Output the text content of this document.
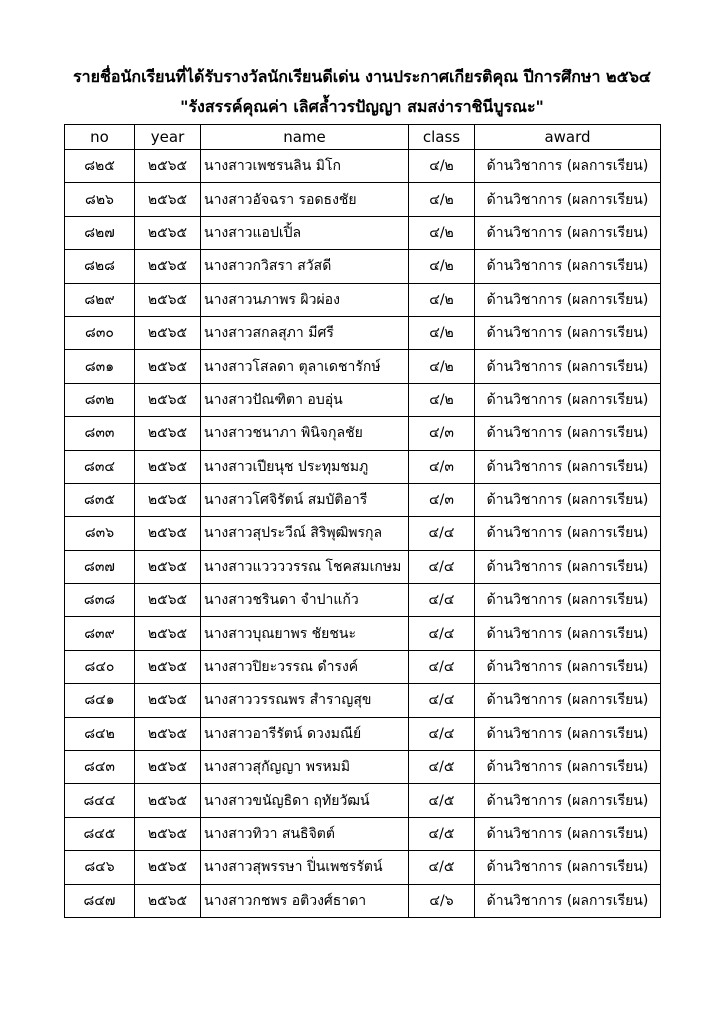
รายชื่อนักเรียนที่ได้รับรางวัลนักเรียนดีเด่น งานประกาศเกียรติคุณ ปีการศึกษา ๒๕๖๔
"รังสรรค์คุณค่า เลิศล้ำวรปัญญา สมสง่าราชินีบูรณะ"
no	year	name	class	award
๘๒๕	๒๕๖๕	นางสาวเพชรนลิน มิโก	๔/๒	ด้านวิชาการ (ผลการเรียน)
๘๒๖	๒๕๖๕	นางสาวอัจฉรา รอดธงชัย	๔/๒	ด้านวิชาการ (ผลการเรียน)
๘๒๗	๒๕๖๕	นางสาวแอปเปิ้ล	๔/๒	ด้านวิชาการ (ผลการเรียน)
๘๒๘	๒๕๖๕	นางสาวกวิสรา สวัสดี	๔/๒	ด้านวิชาการ (ผลการเรียน)
๘๒๙	๒๕๖๕	นางสาวนภาพร ผิวผ่อง	๔/๒	ด้านวิชาการ (ผลการเรียน)
๘๓๐	๒๕๖๕	นางสาวสกลสุภา มีศรี	๔/๒	ด้านวิชาการ (ผลการเรียน)
๘๓๑	๒๕๖๕	นางสาวโสลดา ตุลาเดชารักษ์	๔/๒	ด้านวิชาการ (ผลการเรียน)
๘๓๒	๒๕๖๕	นางสาวปัณฑิตา อบอุ่น	๔/๒	ด้านวิชาการ (ผลการเรียน)
๘๓๓	๒๕๖๕	นางสาวชนาภา พินิจกุลชัย	๔/๓	ด้านวิชาการ (ผลการเรียน)
๘๓๔	๒๕๖๕	นางสาวเปียนุช ประทุมชมภู	๔/๓	ด้านวิชาการ (ผลการเรียน)
๘๓๕	๒๕๖๕	นางสาวโศจิรัตน์ สมบัติอารี	๔/๓	ด้านวิชาการ (ผลการเรียน)
๘๓๖	๒๕๖๕	นางสาวสุประวีณ์ สิริพุฒิพรกุล	๔/๔	ด้านวิชาการ (ผลการเรียน)
๘๓๗	๒๕๖๕	นางสาวแววววรรณ โชคสมเกษม	๔/๔	ด้านวิชาการ (ผลการเรียน)
๘๓๘	๒๕๖๕	นางสาวชรินดา จำปาแก้ว	๔/๔	ด้านวิชาการ (ผลการเรียน)
๘๓๙	๒๕๖๕	นางสาวบุณยาพร ชัยชนะ	๔/๔	ด้านวิชาการ (ผลการเรียน)
๘๔๐	๒๕๖๕	นางสาวปิยะวรรณ ดำรงค์	๔/๔	ด้านวิชาการ (ผลการเรียน)
๘๔๑	๒๕๖๕	นางสาววรรณพร สำราญสุข	๔/๔	ด้านวิชาการ (ผลการเรียน)
๘๔๒	๒๕๖๕	นางสาวอารีรัตน์ ดวงมณีย์	๔/๔	ด้านวิชาการ (ผลการเรียน)
๘๔๓	๒๕๖๕	นางสาวสุกัญญา พรหมมิ	๔/๕	ด้านวิชาการ (ผลการเรียน)
๘๔๔	๒๕๖๕	นางสาวขนัญธิดา ฤทัยวัฒน์	๔/๕	ด้านวิชาการ (ผลการเรียน)
๘๔๕	๒๕๖๕	นางสาวทิวา สนธิจิตต์	๔/๕	ด้านวิชาการ (ผลการเรียน)
๘๔๖	๒๕๖๕	นางสาวสุพรรษา ปิ่นเพชรรัตน์	๔/๕	ด้านวิชาการ (ผลการเรียน)
๘๔๗	๒๕๖๕	นางสาวกชพร อติวงศ์ธาดา	๔/๖	ด้านวิชาการ (ผลการเรียน)
